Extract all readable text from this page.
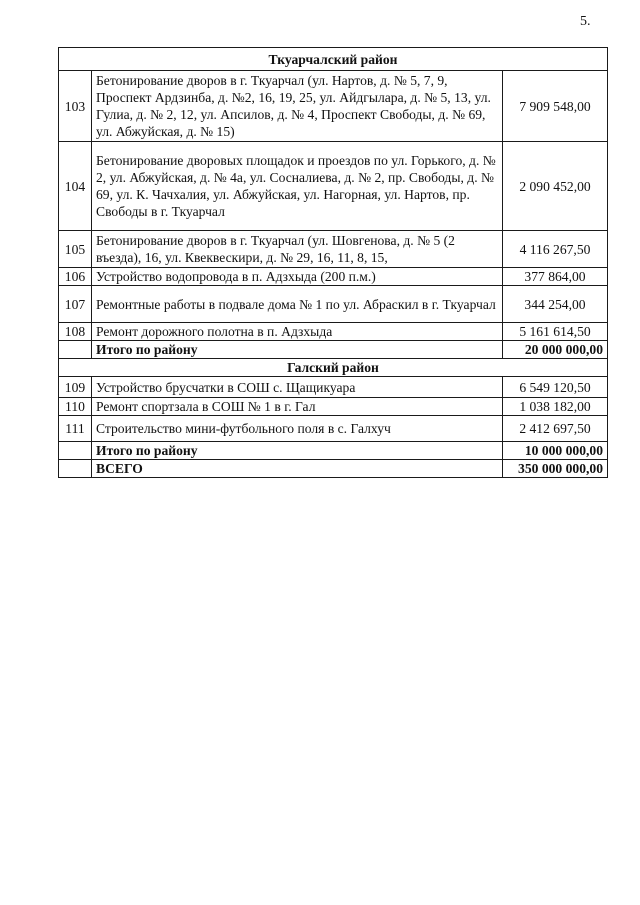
5.
Ткуарчалский район		
103	Бетонирование дворов в г. Ткуарчал (ул. Нартов, д. № 5, 7, 9, Проспект Ардзинба, д. №2, 16, 19, 25, ул. Айдгылара, д. № 5, 13, ул. Гулиа, д. № 2, 12, ул. Апсилов, д. № 4, Проспект Свободы, д. № 69, ул. Абжуйская, д. № 15)	7 909 548,00
104	Бетонирование дворовых площадок и проездов по ул. Горького, д. № 2, ул. Абжуйская, д. № 4а, ул. Сосналиева, д. № 2, пр. Свободы, д. № 69, ул. К. Чачхалия, ул. Абжуйская, ул. Нагорная, ул. Нартов, пр. Свободы в г. Ткуарчал	2 090 452,00
105	Бетонирование дворов в г. Ткуарчал (ул. Шовгенова, д. № 5 (2 въезда), 16, ул. Квеквескири, д. № 29, 16, 11, 8, 15,	4 116 267,50
106	Устройство водопровода в п. Адзхыда (200 п.м.)	377 864,00
107	Ремонтные работы в подвале дома № 1 по ул. Абраскил в г. Ткуарчал	344 254,00
108	Ремонт дорожного полотна в п. Адзхыда	5 161 614,50
	Итого по району	20 000 000,00
Галский район		
109	Устройство брусчатки в СОШ с. Щащикуара	6 549 120,50
110	Ремонт спортзала в СОШ № 1 в г. Гал	1 038 182,00
111	Строительство мини-футбольного поля в с. Галхуч	2 412 697,50
	Итого по району	10 000 000,00
	ВСЕГО	350 000 000,00
